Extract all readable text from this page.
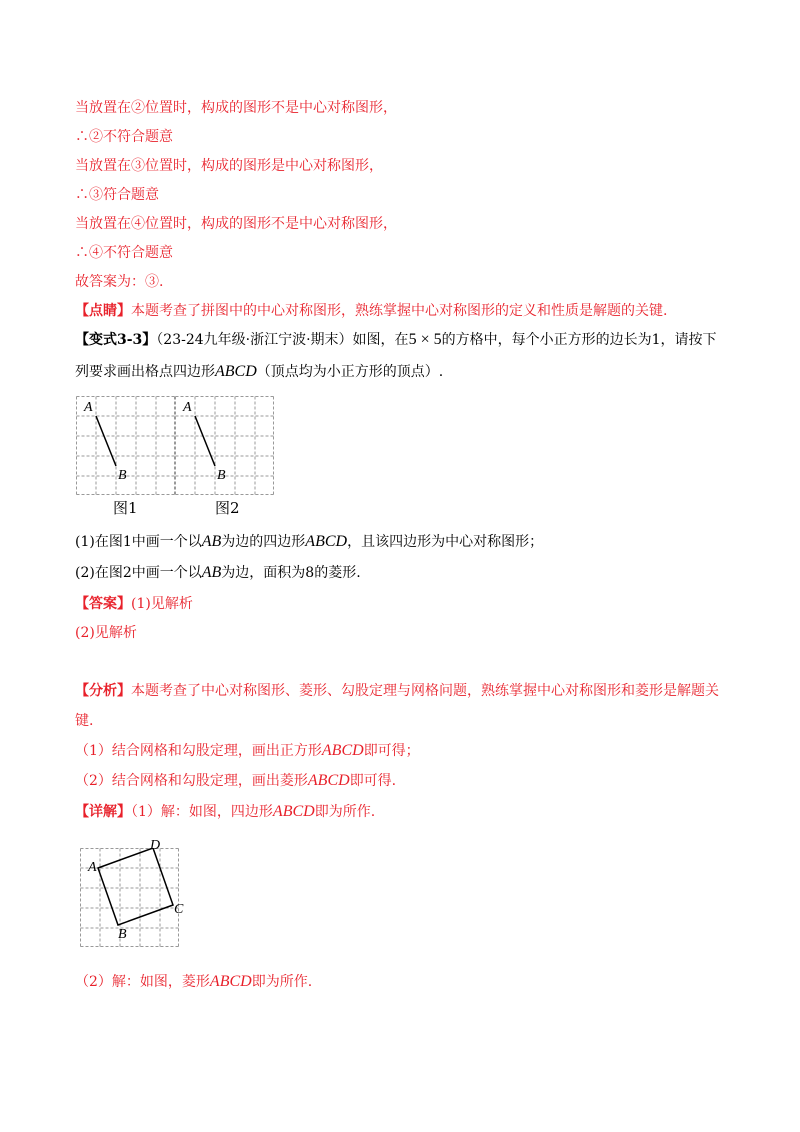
当放置在②位置时，构成的图形不是中心对称图形，
∴②不符合题意
当放置在③位置时，构成的图形是中心对称图形，
∴③符合题意
当放置在④位置时，构成的图形不是中心对称图形，
∴④不符合题意
故答案为：③.
【点睛】本题考查了拼图中的中心对称图形，熟练掌握中心对称图形的定义和性质是解题的关键.
【变式3-3】（23-24九年级·浙江宁波·期末）如图，在5 × 5的方格中，每个小正方形的边长为1，请按下
列要求画出格点四边形ABCD（顶点均为小正方形的顶点）.
A
B
图1
A
B
图2
(1)在图1中画一个以AB为边的四边形ABCD，且该四边形为中心对称图形；
(2)在图2中画一个以AB为边，面积为8的菱形.
【答案】(1)见解析
(2)见解析
【分析】本题考查了中心对称图形、菱形、勾股定理与网格问题，熟练掌握中心对称图形和菱形是解题关
键.
（1）结合网格和勾股定理，画出正方形ABCD即可得；
（2）结合网格和勾股定理，画出菱形ABCD即可得.
【详解】（1）解：如图，四边形ABCD即为所作.
A
D
C
B
（2）解：如图，菱形ABCD即为所作.
